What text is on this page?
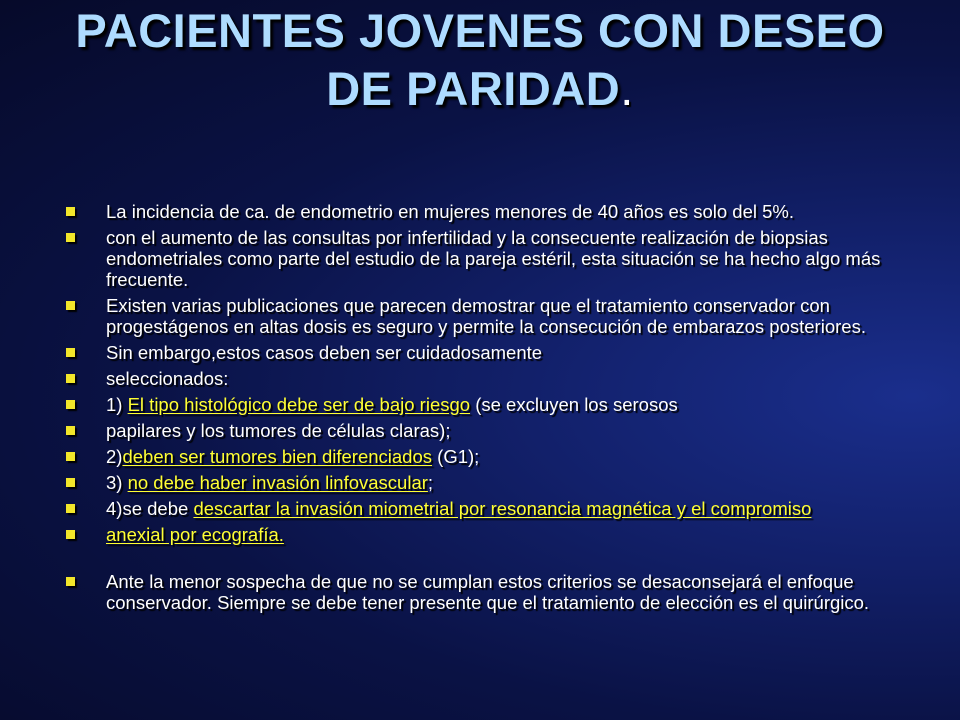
PACIENTES JOVENES CON DESEO DE PARIDAD.
La incidencia de ca. de endometrio en mujeres menores de 40 años es solo del 5%.
con el aumento de las consultas por infertilidad y la consecuente realización de biopsias endometriales como parte del estudio de la pareja estéril, esta situación se ha hecho algo más frecuente.
Existen varias publicaciones que parecen demostrar que el tratamiento conservador con progestágenos en altas dosis es seguro y permite la consecución de embarazos posteriores.
Sin embargo,estos casos deben ser cuidadosamente
seleccionados:
1) El tipo histológico debe ser de bajo riesgo (se excluyen los serosos
papilares y los tumores de células claras);
2)deben ser tumores bien diferenciados (G1);
3) no debe haber invasión linfovascular;
4)se debe descartar la invasión miometrial por resonancia magnética y el compromiso
anexial por ecografía.
Ante la menor sospecha de que no se cumplan estos criterios se desaconsejará el enfoque conservador. Siempre se debe tener presente que el tratamiento de elección es el quirúrgico.
